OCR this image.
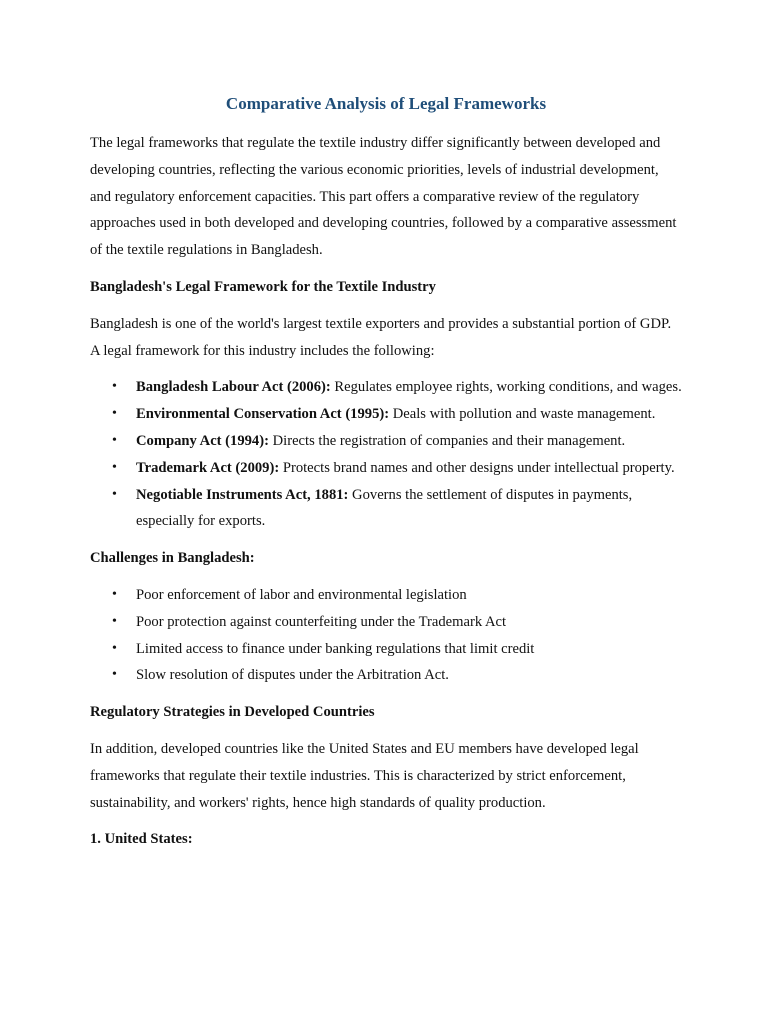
Comparative Analysis of Legal Frameworks

The legal frameworks that regulate the textile industry differ significantly between developed and developing countries, reflecting the various economic priorities, levels of industrial development, and regulatory enforcement capacities. This part offers a comparative review of the regulatory approaches used in both developed and developing countries, followed by a comparative assessment of the textile regulations in Bangladesh.

Bangladesh's Legal Framework for the Textile Industry

Bangladesh is one of the world's largest textile exporters and provides a substantial portion of GDP. A legal framework for this industry includes the following:

• Bangladesh Labour Act (2006): Regulates employee rights, working conditions, and wages.
• Environmental Conservation Act (1995): Deals with pollution and waste management.
• Company Act (1994): Directs the registration of companies and their management.
• Trademark Act (2009): Protects brand names and other designs under intellectual property.
• Negotiable Instruments Act, 1881: Governs the settlement of disputes in payments, especially for exports.

Challenges in Bangladesh:

• Poor enforcement of labor and environmental legislation
• Poor protection against counterfeiting under the Trademark Act
• Limited access to finance under banking regulations that limit credit
• Slow resolution of disputes under the Arbitration Act.

Regulatory Strategies in Developed Countries

In addition, developed countries like the United States and EU members have developed legal frameworks that regulate their textile industries. This is characterized by strict enforcement, sustainability, and workers' rights, hence high standards of quality production.

1. United States:
